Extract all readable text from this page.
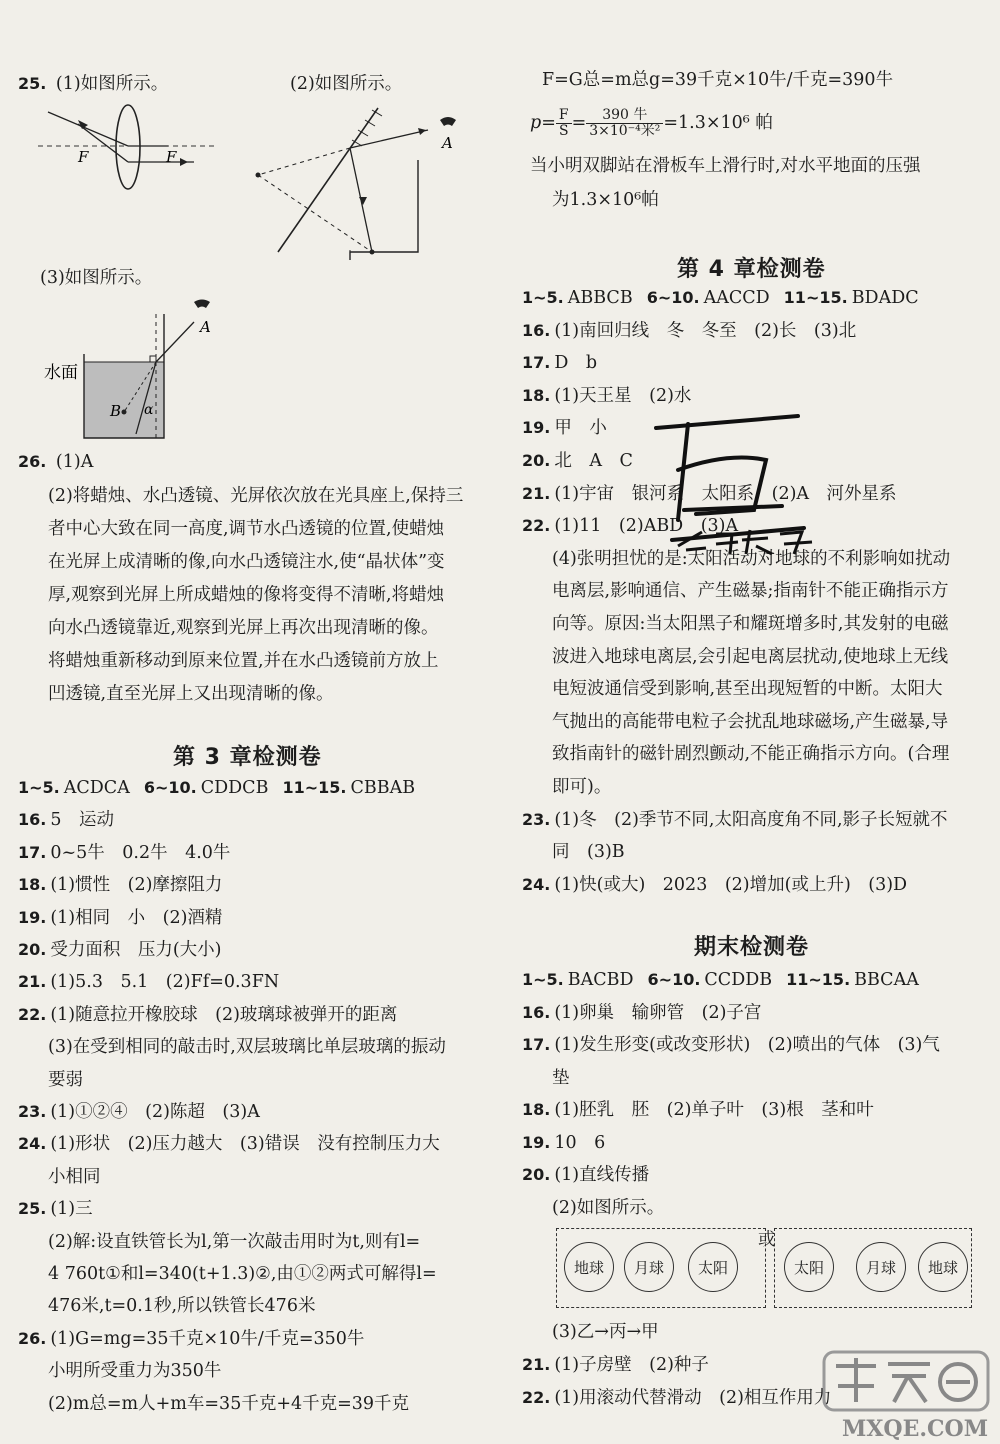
25. (1)如图所示。	(2)如图所示。
F	F
A
(3)如图所示。
A
B α
水面
26. (1)A
(2)将蜡烛、水凸透镜、光屏依次放在光具座上,保持三
者中心大致在同一高度,调节水凸透镜的位置,使蜡烛
在光屏上成清晰的像,向水凸透镜注水,使“晶状体”变
厚,观察到光屏上所成蜡烛的像将变得不清晰,将蜡烛
向水凸透镜靠近,观察到光屏上再次出现清晰的像。
将蜡烛重新移动到原来位置,并在水凸透镜前方放上
凹透镜,直至光屏上又出现清晰的像。
第 3 章检测卷
1~5. ACDCA 6~10. CDDCB 11~15. CBBAB
16. 5　运动
17. 0~5牛　0.2牛　4.0牛
18. (1)惯性　(2)摩擦阻力
19. (1)相同　小　(2)酒精
20. 受力面积　压力(大小)
21. (1)5.3　5.1　(2)Ff=0.3FN
22. (1)随意拉开橡胶球　(2)玻璃球被弹开的距离
(3)在受到相同的敲击时,双层玻璃比单层玻璃的振动
要弱
23. (1)①②④　(2)陈超　(3)A
24. (1)形状　(2)压力越大　(3)错误　没有控制压力大
小相同
25. (1)三
(2)解:设直铁管长为l,第一次敲击用时为t,则有l=
4 760t①和l=340(t+1.3)②,由①②两式可解得l=
476米,t=0.1秒,所以铁管长476米
26. (1)G=mg=35千克×10牛/千克=350牛
小明所受重力为350牛
(2)m总=m人+m车=35千克+4千克=39千克
F=G总=m总g=39千克×10牛/千克=390牛
$p= \frac{F}{S} = \frac{\text{390 牛}}{\text{3×10⁻⁴米²}} =1.3\times 10^6$ 帕
当小明双脚站在滑板车上滑行时,对水平地面的压强
为1.3×10⁶帕
第 4 章检测卷
1~5. ABBCB 6~10. AACCD 11~15. BDADC
16. (1)南回归线　冬　冬至　(2)长　(3)北
17. D　b
18. (1)天王星　(2)水
19. 甲　小
20. 北　A　C
21. (1)宇宙　银河系　太阳系　(2)A　河外星系
22. (1)11　(2)ABD　(3)A
(4)张明担忧的是:太阳活动对地球的不利影响如扰动
电离层,影响通信、产生磁暴;指南针不能正确指示方
向等。原因:当太阳黑子和耀斑增多时,其发射的电磁
波进入地球电离层,会引起电离层扰动,使地球上无线
电短波通信受到影响,甚至出现短暂的中断。太阳大
气抛出的高能带电粒子会扰乱地球磁场,产生磁暴,导
致指南针的磁针剧烈颤动,不能正确指示方向。(合理
即可)。
23. (1)冬　(2)季节不同,太阳高度角不同,影子长短就不
同　(3)B
24. (1)快(或大)　2023　(2)增加(或上升)　(3)D
期末检测卷
1~5. BACBD 6~10. CCDDB 11~15. BBCAA
16. (1)卵巢　输卵管　(2)子宫
17. (1)发生形变(或改变形状)　(2)喷出的气体　(3)气
垫
18. (1)胚乳　胚　(2)单子叶　(3)根　茎和叶
19. 10　6
20. (1)直线传播
(2)如图所示。
地球	月球	太阳
或
太阳	月球	地球
(3)乙→丙→甲
21. (1)子房壁　(2)种子
22. (1)用滚动代替滑动　(2)相互作用力
MXQE.COM
